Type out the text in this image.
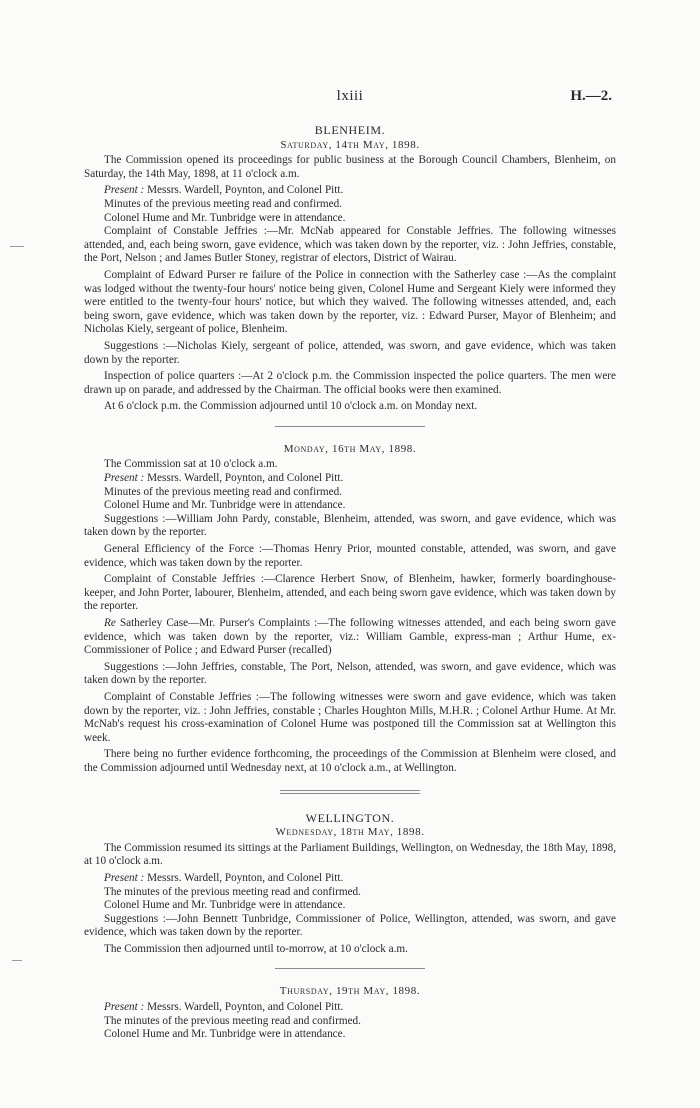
lxiii	H.—2.
BLENHEIM.
Saturday, 14th May, 1898.

The Commission opened its proceedings for public business at the Borough Council Chambers, Blenheim, on Saturday, the 14th May, 1898, at 11 o'clock a.m.

Present : Messrs. Wardell, Poynton, and Colonel Pitt.

Minutes of the previous meeting read and confirmed.

Colonel Hume and Mr. Tunbridge were in attendance.

Complaint of Constable Jeffries :—Mr. McNab appeared for Constable Jeffries. The following witnesses attended, and, each being sworn, gave evidence, which was taken down by the reporter, viz. : John Jeffries, constable, the Port, Nelson ; and James Butler Stoney, registrar of electors, District of Wairau.

Complaint of Edward Purser re failure of the Police in connection with the Satherley case :—As the complaint was lodged without the twenty-four hours' notice being given, Colonel Hume and Sergeant Kiely were informed they were entitled to the twenty-four hours' notice, but which they waived. The following witnesses attended, and, each being sworn, gave evidence, which was taken down by the reporter, viz. : Edward Purser, Mayor of Blenheim; and Nicholas Kiely, sergeant of police, Blenheim.

Suggestions :—Nicholas Kiely, sergeant of police, attended, was sworn, and gave evidence, which was taken down by the reporter.

Inspection of police quarters :—At 2 o'clock p.m. the Commission inspected the police quarters. The men were drawn up on parade, and addressed by the Chairman. The official books were then examined.

At 6 o'clock p.m. the Commission adjourned until 10 o'clock a.m. on Monday next.

Monday, 16th May, 1898.

The Commission sat at 10 o'clock a.m.

Present : Messrs. Wardell, Poynton, and Colonel Pitt.

Minutes of the previous meeting read and confirmed.

Colonel Hume and Mr. Tunbridge were in attendance.

Suggestions :—William John Pardy, constable, Blenheim, attended, was sworn, and gave evidence, which was taken down by the reporter.

General Efficiency of the Force :—Thomas Henry Prior, mounted constable, attended, was sworn, and gave evidence, which was taken down by the reporter.

Complaint of Constable Jeffries :—Clarence Herbert Snow, of Blenheim, hawker, formerly boardinghouse-keeper, and John Porter, labourer, Blenheim, attended, and each being sworn gave evidence, which was taken down by the reporter.

Re Satherley Case—Mr. Purser's Complaints :—The following witnesses attended, and each being sworn gave evidence, which was taken down by the reporter, viz.: William Gamble, express-man ; Arthur Hume, ex-Commissioner of Police ; and Edward Purser (recalled)

Suggestions :—John Jeffries, constable, The Port, Nelson, attended, was sworn, and gave evidence, which was taken down by the reporter.

Complaint of Constable Jeffries :—The following witnesses were sworn and gave evidence, which was taken down by the reporter, viz. : John Jeffries, constable ; Charles Houghton Mills, M.H.R. ; Colonel Arthur Hume. At Mr. McNab's request his cross-examination of Colonel Hume was postponed till the Commission sat at Wellington this week.

There being no further evidence forthcoming, the proceedings of the Commission at Blenheim were closed, and the Commission adjourned until Wednesday next, at 10 o'clock a.m., at Wellington.

WELLINGTON.
Wednesday, 18th May, 1898.

The Commission resumed its sittings at the Parliament Buildings, Wellington, on Wednesday, the 18th May, 1898, at 10 o'clock a.m.

Present : Messrs. Wardell, Poynton, and Colonel Pitt.

The minutes of the previous meeting read and confirmed.

Colonel Hume and Mr. Tunbridge were in attendance.

Suggestions :—John Bennett Tunbridge, Commissioner of Police, Wellington, attended, was sworn, and gave evidence, which was taken down by the reporter.

The Commission then adjourned until to-morrow, at 10 o'clock a.m.

Thursday, 19th May, 1898.

Present : Messrs. Wardell, Poynton, and Colonel Pitt.

The minutes of the previous meeting read and confirmed.

Colonel Hume and Mr. Tunbridge were in attendance.
